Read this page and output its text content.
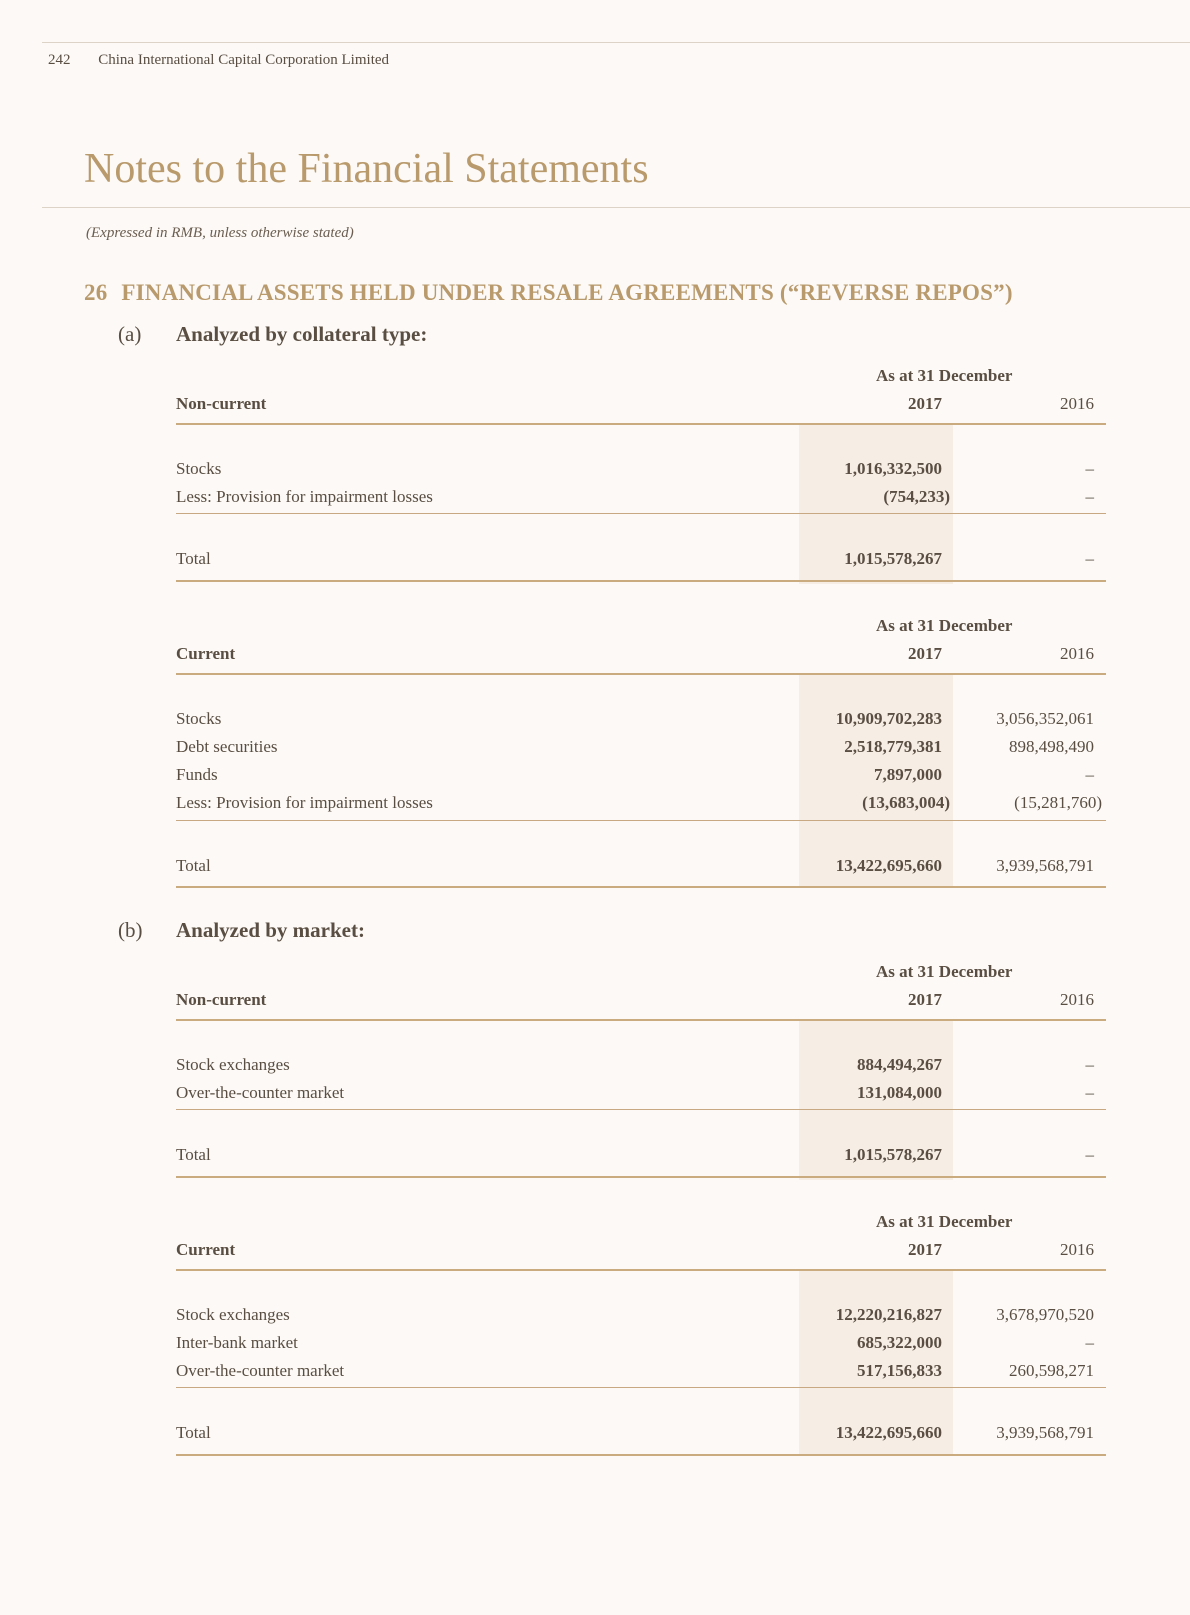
242 China International Capital Corporation Limited
Notes to the Financial Statements
(Expressed in RMB, unless otherwise stated)
26 FINANCIAL ASSETS HELD UNDER RESALE AGREEMENTS (“REVERSE REPOS”)
(a) Analyzed by collateral type:
As at 31 December
Non-current	2017	2016
Stocks	1,016,332,500	–
Less: Provision for impairment losses	(754,233)	–
Total	1,015,578,267	–
As at 31 December
Current	2017	2016
Stocks	10,909,702,283	3,056,352,061
Debt securities	2,518,779,381	898,498,490
Funds	7,897,000	–
Less: Provision for impairment losses	(13,683,004)	(15,281,760)
Total	13,422,695,660	3,939,568,791
(b) Analyzed by market:
As at 31 December
Non-current	2017	2016
Stock exchanges	884,494,267	–
Over-the-counter market	131,084,000	–
Total	1,015,578,267	–
As at 31 December
Current	2017	2016
Stock exchanges	12,220,216,827	3,678,970,520
Inter-bank market	685,322,000	–
Over-the-counter market	517,156,833	260,598,271
Total	13,422,695,660	3,939,568,791
